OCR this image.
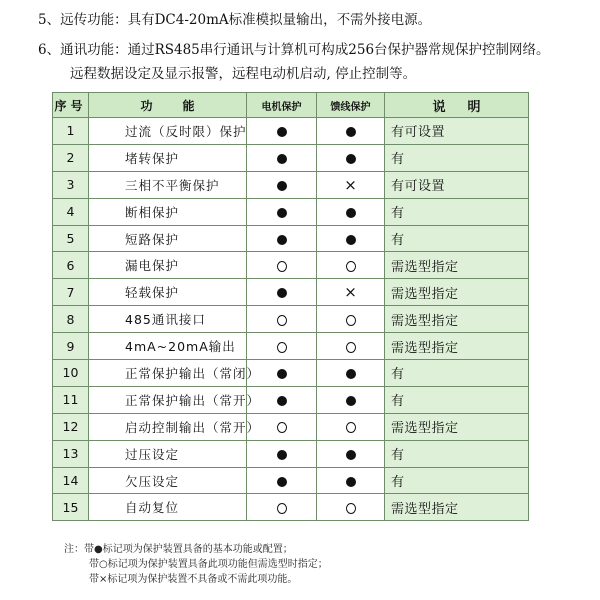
5、远传功能：具有DC4-20mA标准模拟量输出，不需外接电源。
6、通讯功能：通过RS485串行通讯与计算机可构成256台保护器常规保护控制网络。
远程数据设定及显示报警，远程电动机启动, 停止控制等。
序号	功能	电机保护	馈线保护	说明
1	过流（反时限）保护			有可设置
2	堵转保护			有
3	三相不平衡保护		×	有可设置
4	断相保护			有
5	短路保护			有
6	漏电保护			需选型指定
7	轻载保护		×	需选型指定
8	485通讯接口			需选型指定
9	4mA~20mA输出			需选型指定
10	正常保护输出（常闭）			有
11	正常保护输出（常开）			有
12	启动控制输出（常开）			需选型指定
13	过压设定			有
14	欠压设定			有
15	自动复位			需选型指定
注：带●标记项为保护装置具备的基本功能或配置；
带○标记项为保护装置具备此项功能但需选型时指定；
带×标记项为保护装置不具备或不需此项功能。
